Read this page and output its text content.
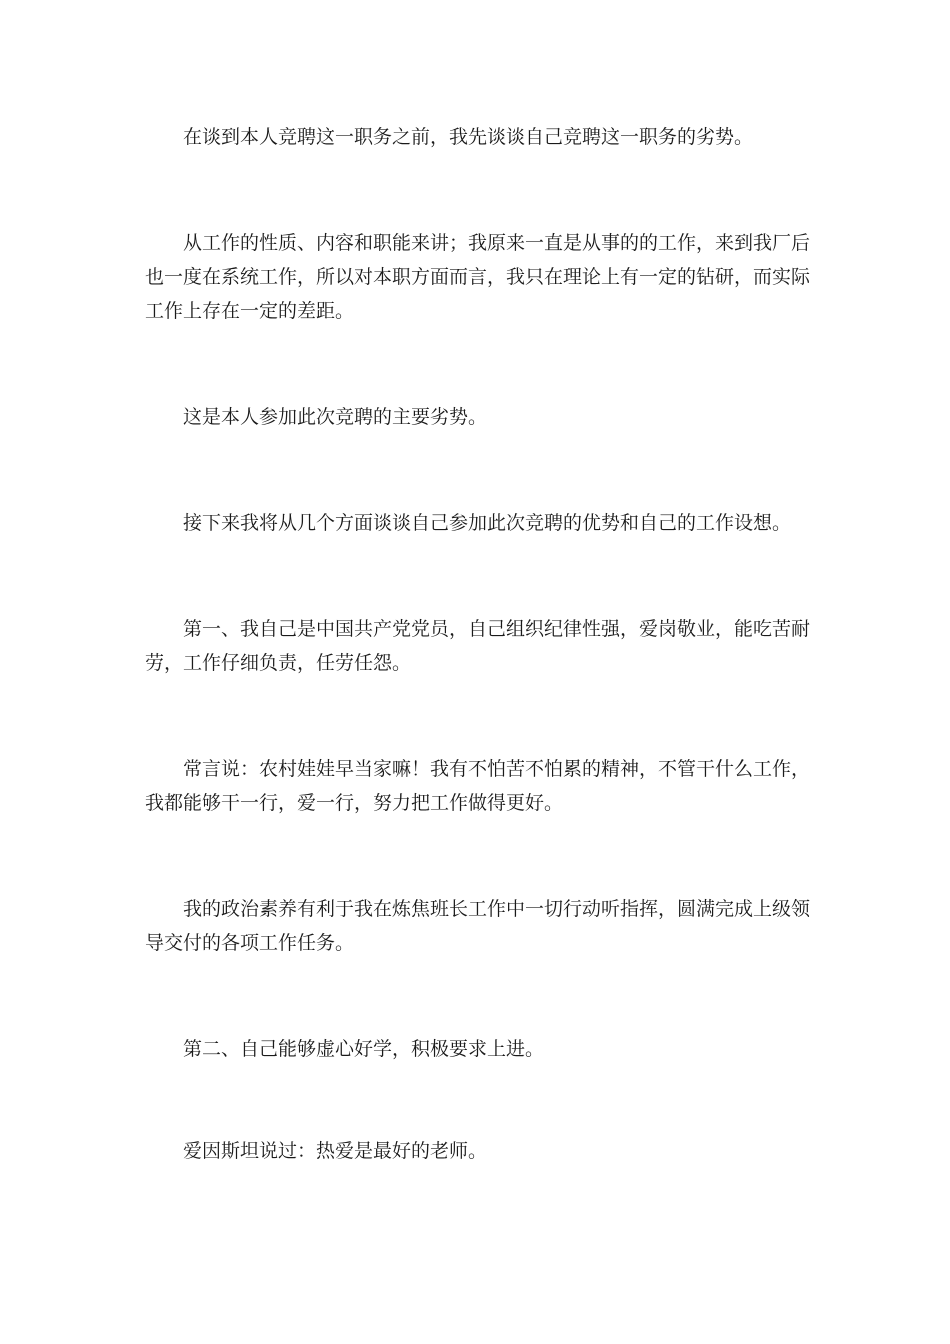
在谈到本人竞聘这一职务之前，我先谈谈自己竞聘这一职务的劣势。

从工作的性质、内容和职能来讲；我原来一直是从事的的工作，来到我厂后也一度在系统工作，所以对本职方面而言，我只在理论上有一定的钻研，而实际工作上存在一定的差距。

这是本人参加此次竞聘的主要劣势。

接下来我将从几个方面谈谈自己参加此次竞聘的优势和自己的工作设想。

第一、我自己是中国共产党党员，自己组织纪律性强，爱岗敬业，能吃苦耐劳，工作仔细负责，任劳任怨。

常言说：农村娃娃早当家嘛！我有不怕苦不怕累的精神，不管干什么工作，我都能够干一行，爱一行，努力把工作做得更好。

我的政治素养有利于我在炼焦班长工作中一切行动听指挥，圆满完成上级领导交付的各项工作任务。

第二、自己能够虚心好学，积极要求上进。

爱因斯坦说过：热爱是最好的老师。
